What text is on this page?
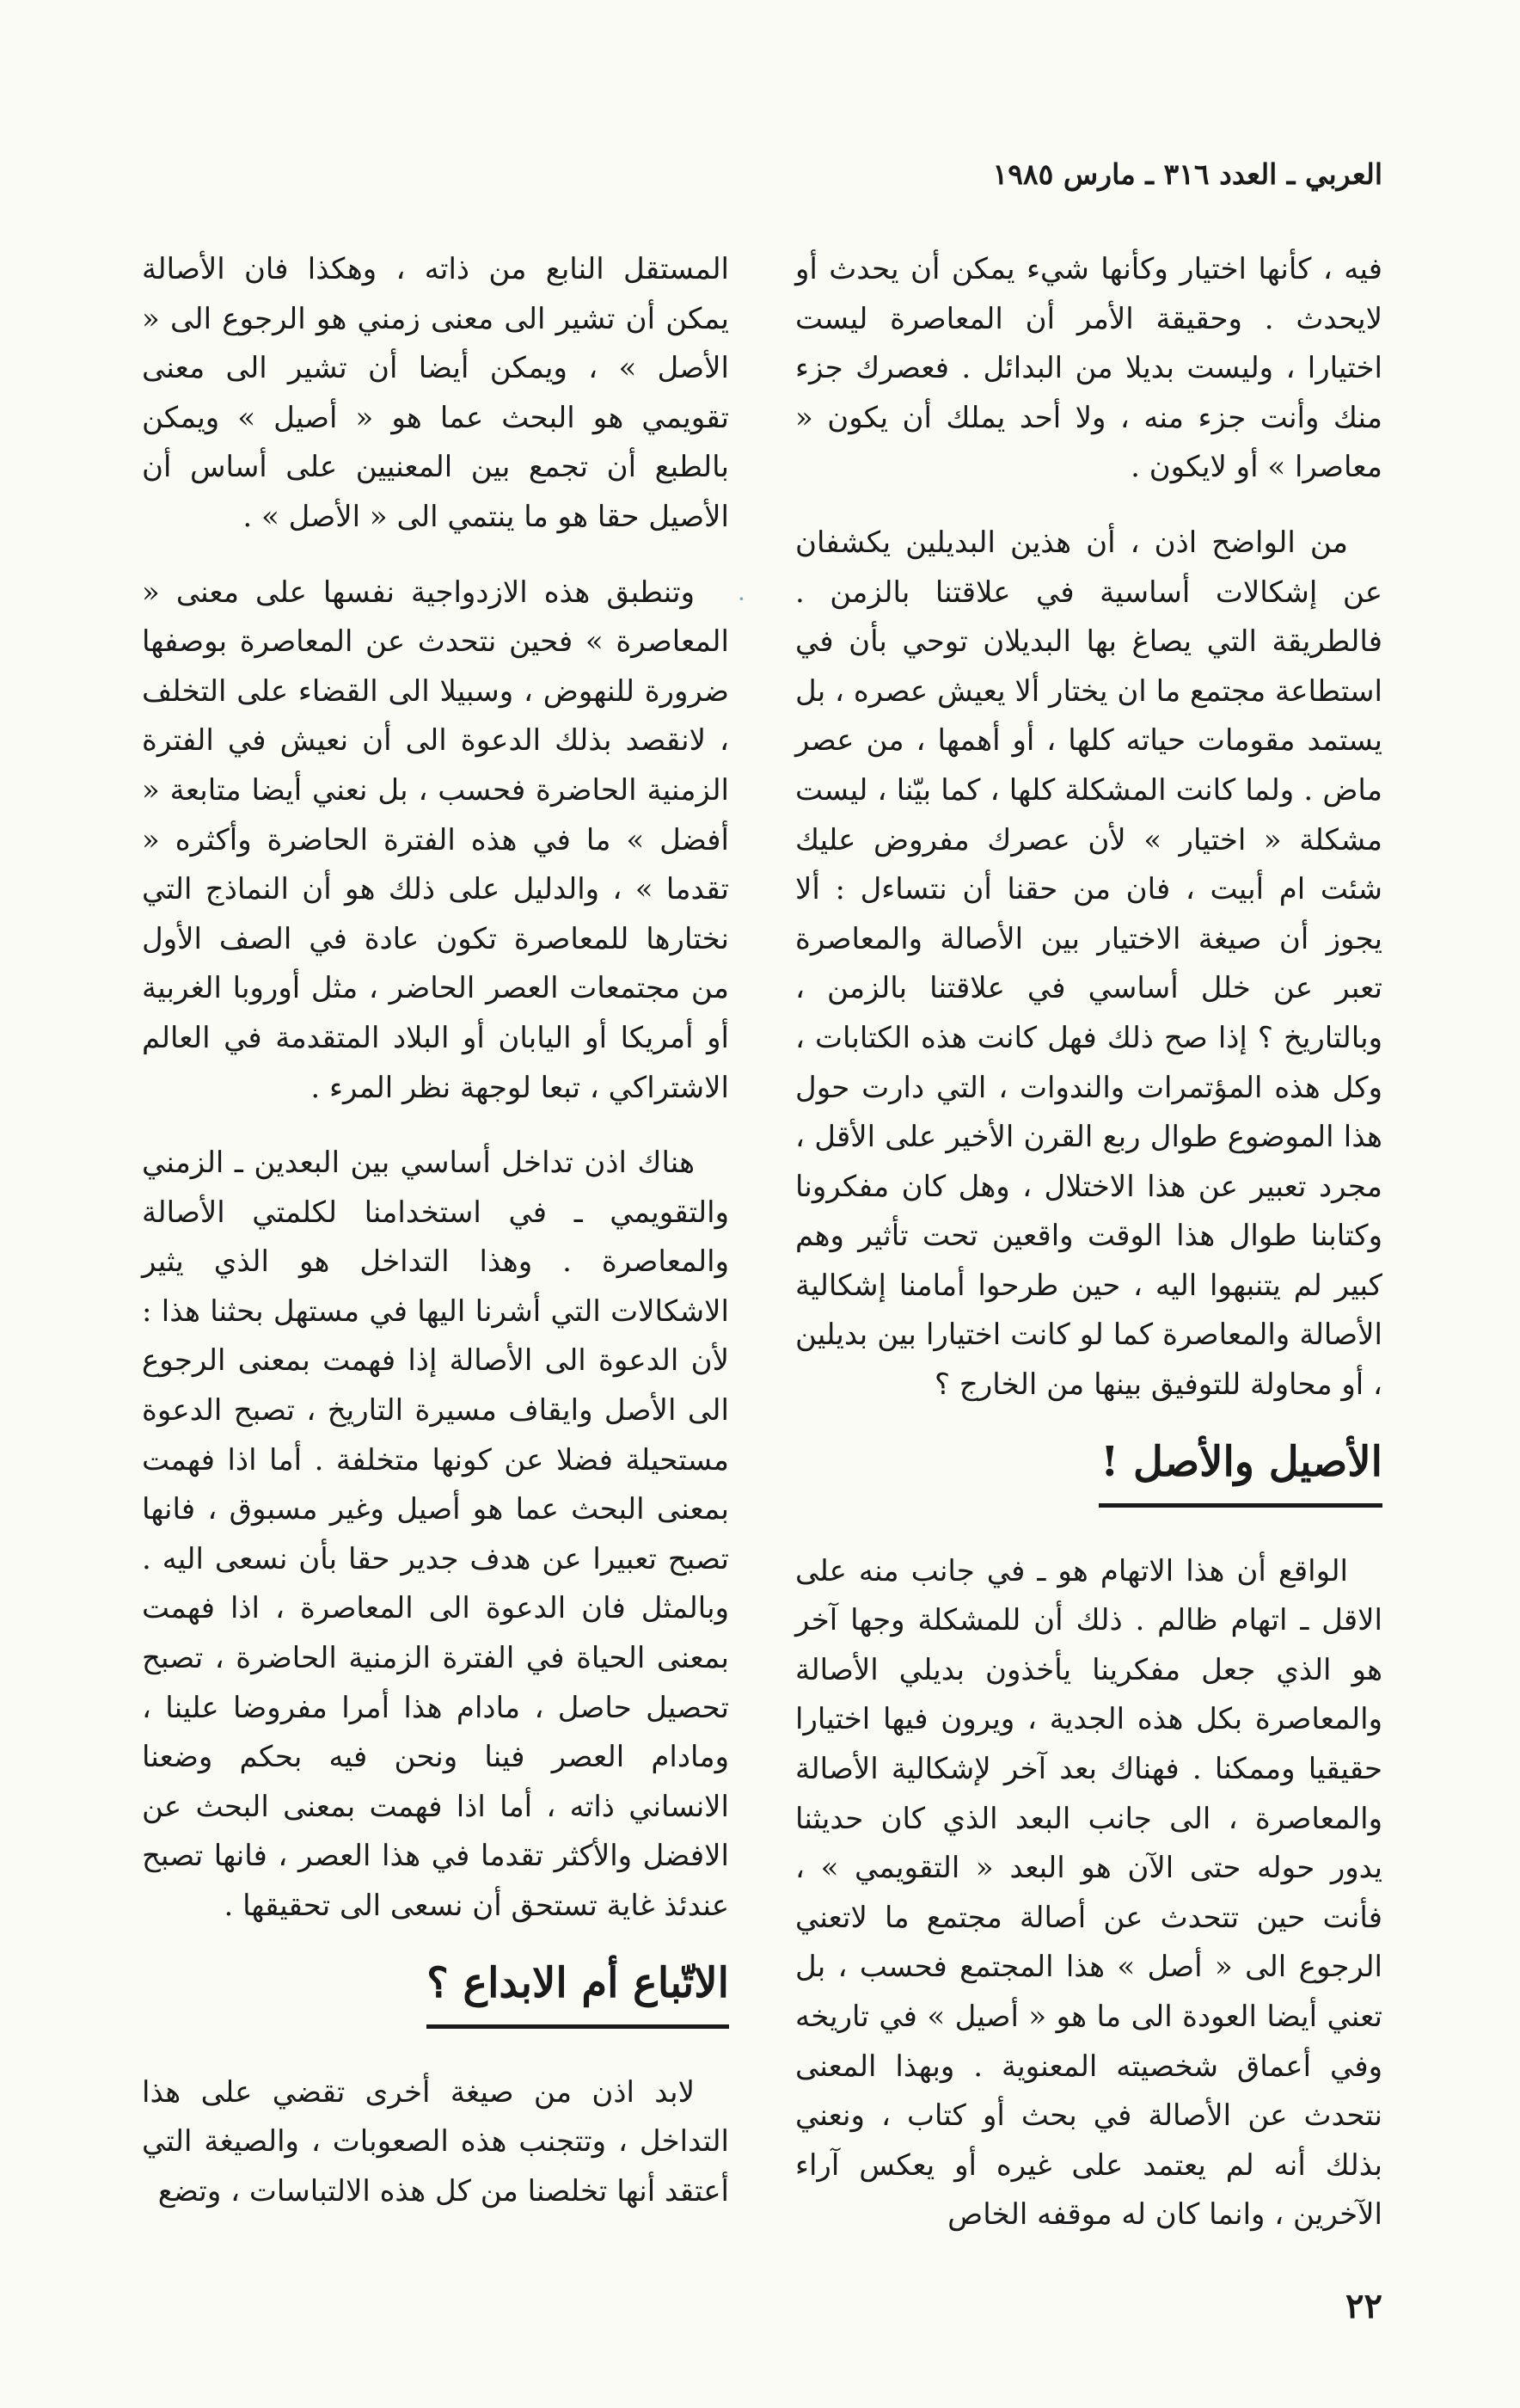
العربي ـ العدد ٣١٦ ـ مارس ١٩٨٥

فيه ، كأنها اختيار وكأنها شيء يمكن أن يحدث أو لايحدث . وحقيقة الأمر أن المعاصرة ليست اختيارا ، وليست بديلا من البدائل . فعصرك جزء منك وأنت جزء منه ، ولا أحد يملك أن يكون « معاصرا » أو لايكون .

من الواضح اذن ، أن هذين البديلين يكشفان عن إشكالات أساسية في علاقتنا بالزمن . فالطريقة التي يصاغ بها البديلان توحي بأن في استطاعة مجتمع ما ان يختار ألا يعيش عصره ، بل يستمد مقومات حياته كلها ، أو أهمها ، من عصر ماض . ولما كانت المشكلة كلها ، كما بيّنا ، ليست مشكلة « اختيار » لأن عصرك مفروض عليك شئت ام أبيت ، فان من حقنا أن نتساءل : ألا يجوز أن صيغة الاختيار بين الأصالة والمعاصرة تعبر عن خلل أساسي في علاقتنا بالزمن ، وبالتاريخ ؟ إذا صح ذلك فهل كانت هذه الكتابات ، وكل هذه المؤتمرات والندوات ، التي دارت حول هذا الموضوع طوال ربع القرن الأخير على الأقل ، مجرد تعبير عن هذا الاختلال ، وهل كان مفكرونا وكتابنا طوال هذا الوقت واقعين تحت تأثير وهم كبير لم يتنبهوا اليه ، حين طرحوا أمامنا إشكالية الأصالة والمعاصرة كما لو كانت اختيارا بين بديلين ، أو محاولة للتوفيق بينها من الخارج ؟

الأصيل والأصل !

الواقع أن هذا الاتهام هو ـ في جانب منه على الاقل ـ اتهام ظالم . ذلك أن للمشكلة وجها آخر هو الذي جعل مفكرينا يأخذون بديلي الأصالة والمعاصرة بكل هذه الجدية ، ويرون فيها اختيارا حقيقيا وممكنا . فهناك بعد آخر لإشكالية الأصالة والمعاصرة ، الى جانب البعد الذي كان حديثنا يدور حوله حتى الآن هو البعد « التقويمي » ، فأنت حين تتحدث عن أصالة مجتمع ما لاتعني الرجوع الى « أصل » هذا المجتمع فحسب ، بل تعني أيضا العودة الى ما هو « أصيل » في تاريخه وفي أعماق شخصيته المعنوية . وبهذا المعنى نتحدث عن الأصالة في بحث أو كتاب ، ونعني بذلك أنه لم يعتمد على غيره أو يعكس آراء الآخرين ، وانما كان له موقفه الخاص

المستقل النابع من ذاته ، وهكذا فان الأصالة يمكن أن تشير الى معنى زمني هو الرجوع الى « الأصل » ، ويمكن أيضا أن تشير الى معنى تقويمي هو البحث عما هو « أصيل » ويمكن بالطبع أن تجمع بين المعنيين على أساس أن الأصيل حقا هو ما ينتمي الى « الأصل » .

وتنطبق هذه الازدواجية نفسها على معنى « المعاصرة » فحين نتحدث عن المعاصرة بوصفها ضرورة للنهوض ، وسبيلا الى القضاء على التخلف ، لانقصد بذلك الدعوة الى أن نعيش في الفترة الزمنية الحاضرة فحسب ، بل نعني أيضا متابعة « أفضل » ما في هذه الفترة الحاضرة وأكثره « تقدما » ، والدليل على ذلك هو أن النماذج التي نختارها للمعاصرة تكون عادة في الصف الأول من مجتمعات العصر الحاضر ، مثل أوروبا الغربية أو أمريكا أو اليابان أو البلاد المتقدمة في العالم الاشتراكي ، تبعا لوجهة نظر المرء .

هناك اذن تداخل أساسي بين البعدين ـ الزمني والتقويمي ـ في استخدامنا لكلمتي الأصالة والمعاصرة . وهذا التداخل هو الذي يثير الاشكالات التي أشرنا اليها في مستهل بحثنا هذا : لأن الدعوة الى الأصالة إذا فهمت بمعنى الرجوع الى الأصل وايقاف مسيرة التاريخ ، تصبح الدعوة مستحيلة فضلا عن كونها متخلفة . أما اذا فهمت بمعنى البحث عما هو أصيل وغير مسبوق ، فانها تصبح تعبيرا عن هدف جدير حقا بأن نسعى اليه . وبالمثل فان الدعوة الى المعاصرة ، اذا فهمت بمعنى الحياة في الفترة الزمنية الحاضرة ، تصبح تحصيل حاصل ، مادام هذا أمرا مفروضا علينا ، ومادام العصر فينا ونحن فيه بحكم وضعنا الانساني ذاته ، أما اذا فهمت بمعنى البحث عن الافضل والأكثر تقدما في هذا العصر ، فانها تصبح عندئذ غاية تستحق أن نسعى الى تحقيقها .

الاتّباع أم الابداع ؟

لابد اذن من صيغة أخرى تقضي على هذا التداخل ، وتتجنب هذه الصعوبات ، والصيغة التي أعتقد أنها تخلصنا من كل هذه الالتباسات ، وتضع

·
٢٢
